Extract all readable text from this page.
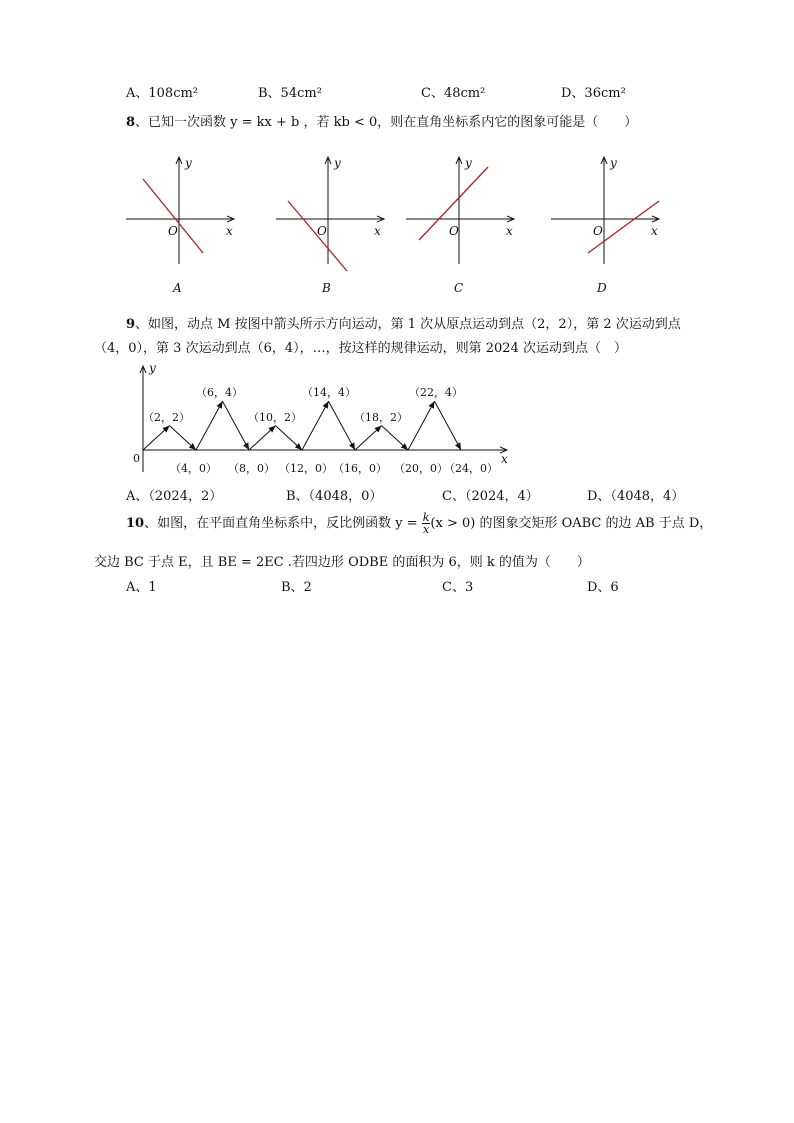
A、108cm²	B、54cm²	C、48cm²	D、36cm²
8、已知一次函数 y = kx + b ，若 kb < 0，则在直角坐标系内它的图象可能是（　　）
y
x
O
A
y
x
O
B
y
x
O
C
y
x
O
D
9、如图，动点 M 按图中箭头所示方向运动，第 1 次从原点运动到点（2，2），第 2 次运动到点
（4，0），第 3 次运动到点（6，4），…，按这样的规律运动，则第 2024 次运动到点（　）
y
x
0
（2，2）
（6，4）
（10，2）
（14，4）
（18，2）
（22，4）
（4，0） （8，0） （12，0） （16，0） （20，0）
（24，0）
A、（2024，2）	B、（4048，0）	C、（2024，4）	D、（4048，4）
10、如图，在平面直角坐标系中，反比例函数 $y = \frac{k}{x} (x > 0)$ 的图象交矩形 OABC 的边 AB 于点 D，
交边 BC 于点 E，且 BE = 2EC .若四边形 ODBE 的面积为 6，则 k 的值为（　　）
A、1	B、2	C、3	D、6
